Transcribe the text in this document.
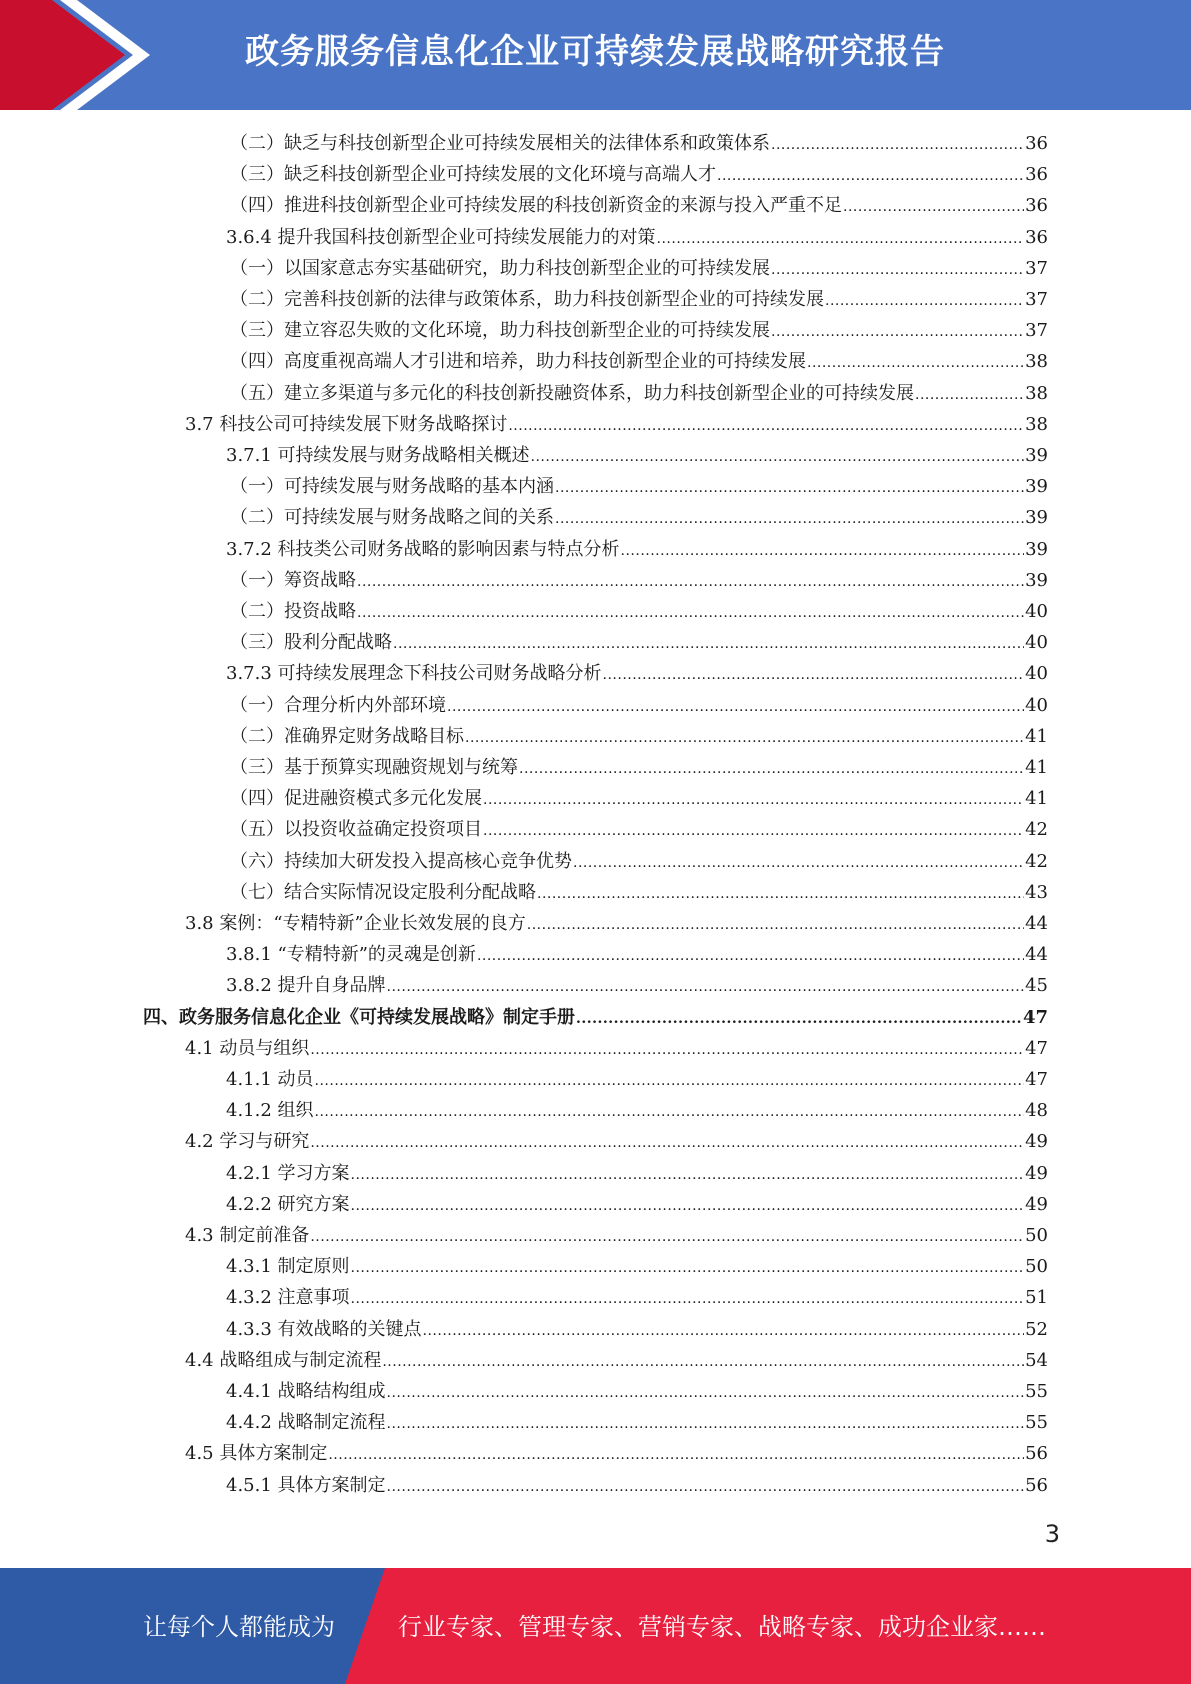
政务服务信息化企业可持续发展战略研究报告
（二）缺乏与科技创新型企业可持续发展相关的法律体系和政策体系 .....	36
（三）缺乏科技创新型企业可持续发展的文化环境与高端人才 .....	36
（四）推进科技创新型企业可持续发展的科技创新资金的来源与投入严重不足 .....	36
3.6.4 提升我国科技创新型企业可持续发展能力的对策 .....	36
（一）以国家意志夯实基础研究，助力科技创新型企业的可持续发展 .....	37
（二）完善科技创新的法律与政策体系，助力科技创新型企业的可持续发展 .....	37
（三）建立容忍失败的文化环境，助力科技创新型企业的可持续发展 .....	37
（四）高度重视高端人才引进和培养，助力科技创新型企业的可持续发展 .....	38
（五）建立多渠道与多元化的科技创新投融资体系，助力科技创新型企业的可持续发展 .....	38
3.7 科技公司可持续发展下财务战略探讨 .....	38
3.7.1 可持续发展与财务战略相关概述 .....	39
（一）可持续发展与财务战略的基本内涵 .....	39
（二）可持续发展与财务战略之间的关系 .....	39
3.7.2 科技类公司财务战略的影响因素与特点分析 .....	39
（一）筹资战略 .....	39
（二）投资战略 .....	40
（三）股利分配战略 .....	40
3.7.3 可持续发展理念下科技公司财务战略分析 .....	40
（一）合理分析内外部环境 .....	40
（二）准确界定财务战略目标 .....	41
（三）基于预算实现融资规划与统筹 .....	41
（四）促进融资模式多元化发展 .....	41
（五）以投资收益确定投资项目 .....	42
（六）持续加大研发投入提高核心竞争优势 .....	42
（七）结合实际情况设定股利分配战略 .....	43
3.8 案例：“专精特新”企业长效发展的良方 .....	44
3.8.1 “专精特新”的灵魂是创新 .....	44
3.8.2 提升自身品牌 .....	45
四、政务服务信息化企业《可持续发展战略》制定手册 .....	47
4.1 动员与组织 .....	47
4.1.1 动员 .....	47
4.1.2 组织 .....	48
4.2 学习与研究 .....	49
4.2.1 学习方案 .....	49
4.2.2 研究方案 .....	49
4.3 制定前准备 .....	50
4.3.1 制定原则 .....	50
4.3.2 注意事项 .....	51
4.3.3 有效战略的关键点 .....	52
4.4 战略组成与制定流程 .....	54
4.4.1 战略结构组成 .....	55
4.4.2 战略制定流程 .....	55
4.5 具体方案制定 .....	56
4.5.1 具体方案制定 .....	56
3
让每个人都能成为	行业专家、管理专家、营销专家、战略专家、成功企业家……
